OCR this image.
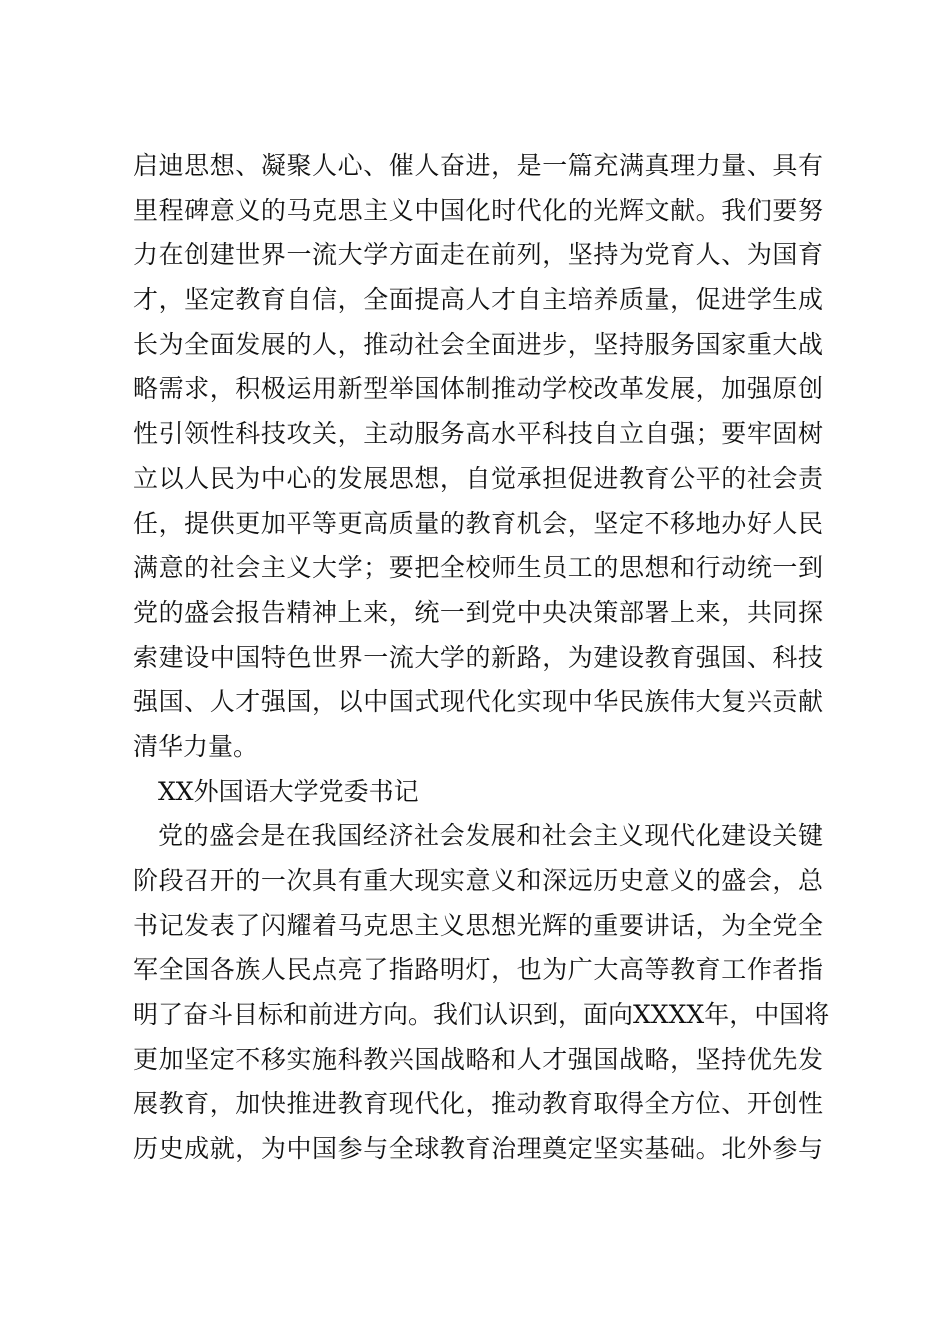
启迪思想、凝聚人心、催人奋进，是一篇充满真理力量、具有
里程碑意义的马克思主义中国化时代化的光辉文献。我们要努
力在创建世界一流大学方面走在前列，坚持为党育人、为国育
才，坚定教育自信，全面提高人才自主培养质量，促进学生成
长为全面发展的人，推动社会全面进步，坚持服务国家重大战
略需求，积极运用新型举国体制推动学校改革发展，加强原创
性引领性科技攻关，主动服务高水平科技自立自强；要牢固树
立以人民为中心的发展思想，自觉承担促进教育公平的社会责
任，提供更加平等更高质量的教育机会，坚定不移地办好人民
满意的社会主义大学；要把全校师生员工的思想和行动统一到
党的盛会报告精神上来，统一到党中央决策部署上来，共同探
索建设中国特色世界一流大学的新路，为建设教育强国、科技
强国、人才强国，以中国式现代化实现中华民族伟大复兴贡献
清华力量。
XX外国语大学党委书记
党的盛会是在我国经济社会发展和社会主义现代化建设关键
阶段召开的一次具有重大现实意义和深远历史意义的盛会，总
书记发表了闪耀着马克思主义思想光辉的重要讲话，为全党全
军全国各族人民点亮了指路明灯，也为广大高等教育工作者指
明了奋斗目标和前进方向。我们认识到，面向XXXX年，中国将
更加坚定不移实施科教兴国战略和人才强国战略，坚持优先发
展教育，加快推进教育现代化，推动教育取得全方位、开创性
历史成就，为中国参与全球教育治理奠定坚实基础。北外参与
